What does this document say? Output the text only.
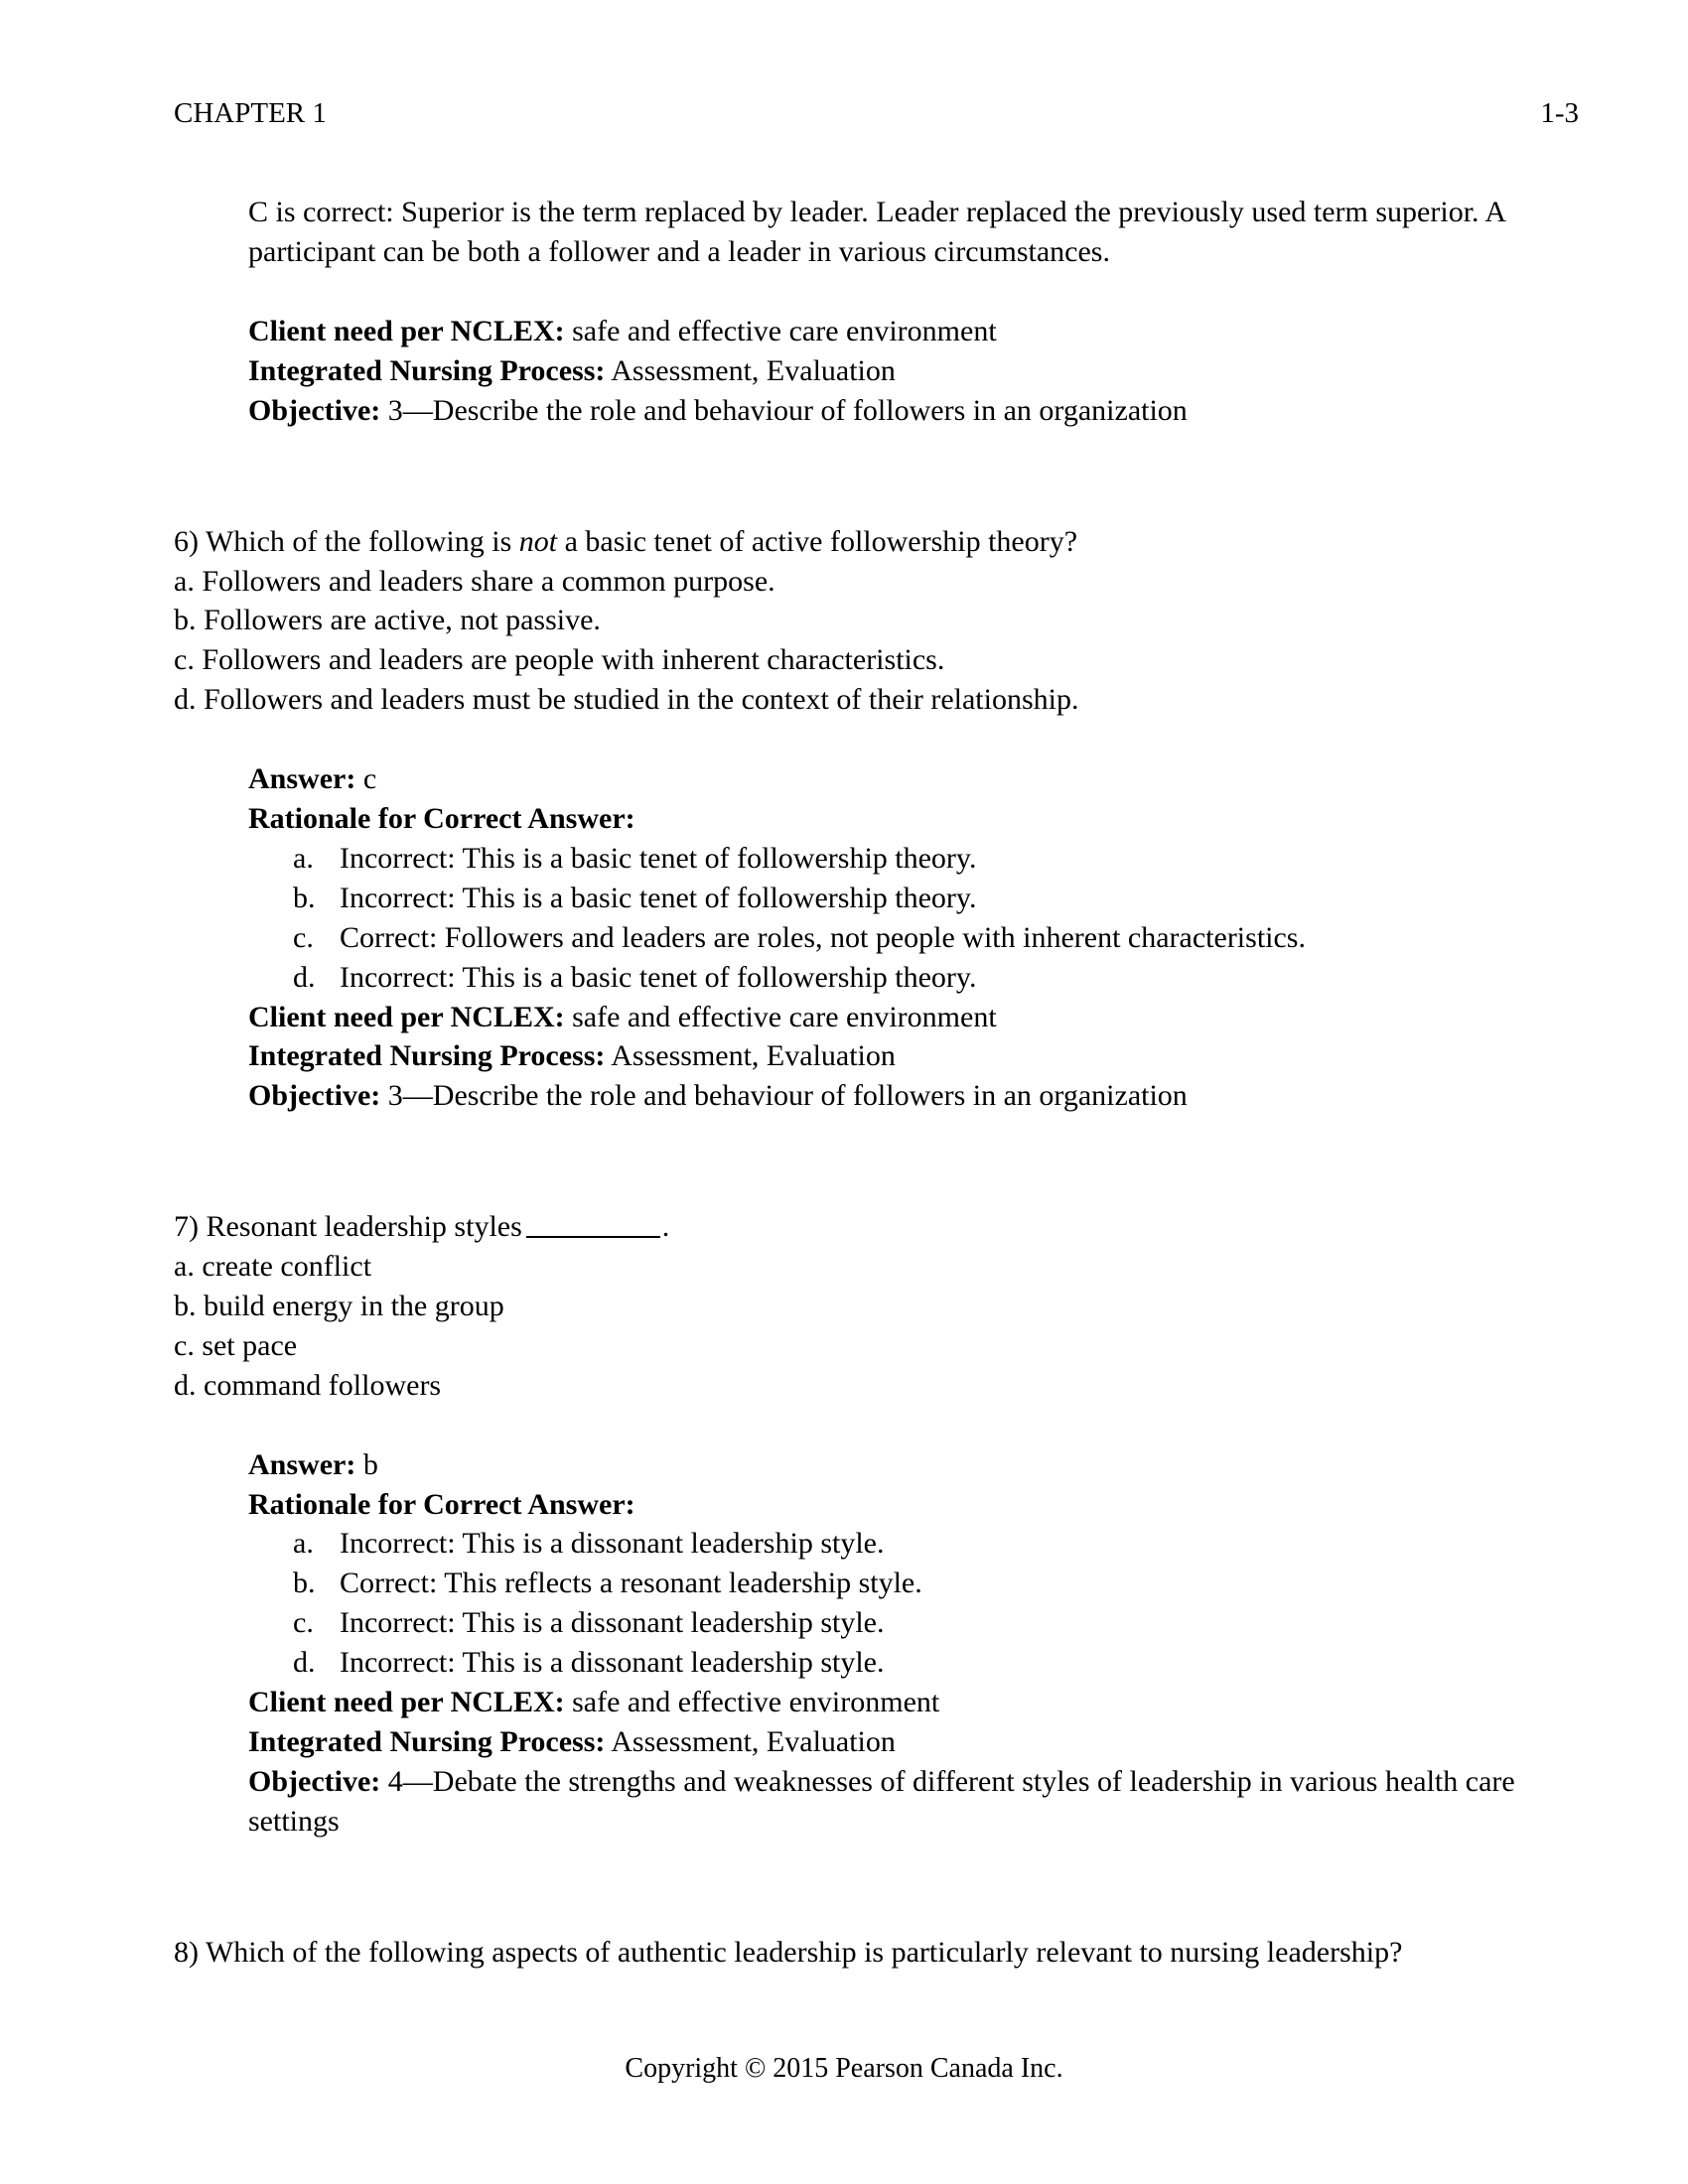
CHAPTER 1	1-3

C is correct: Superior is the term replaced by leader. Leader replaced the previously used term superior. A participant can be both a follower and a leader in various circumstances.

Client need per NCLEX: safe and effective care environment

Integrated Nursing Process: Assessment, Evaluation

Objective: 3—Describe the role and behaviour of followers in an organization

6) Which of the following is not a basic tenet of active followership theory?

a. Followers and leaders share a common purpose.

b. Followers are active, not passive.

c. Followers and leaders are people with inherent characteristics.

d. Followers and leaders must be studied in the context of their relationship.

Answer: c

Rationale for Correct Answer:

a. Incorrect: This is a basic tenet of followership theory.
b. Incorrect: This is a basic tenet of followership theory.
c. Correct: Followers and leaders are roles, not people with inherent characteristics.
d. Incorrect: This is a basic tenet of followership theory.

Client need per NCLEX: safe and effective care environment

Integrated Nursing Process: Assessment, Evaluation

Objective: 3—Describe the role and behaviour of followers in an organization

7) Resonant leadership styles	.

a. create conflict

b. build energy in the group

c. set pace

d. command followers

Answer: b

Rationale for Correct Answer:

a. Incorrect: This is a dissonant leadership style.
b. Correct: This reflects a resonant leadership style.
c. Incorrect: This is a dissonant leadership style.
d. Incorrect: This is a dissonant leadership style.

Client need per NCLEX: safe and effective environment

Integrated Nursing Process: Assessment, Evaluation

Objective: 4—Debate the strengths and weaknesses of different styles of leadership in various health care settings

8) Which of the following aspects of authentic leadership is particularly relevant to nursing leadership?

Copyright © 2015 Pearson Canada Inc.
